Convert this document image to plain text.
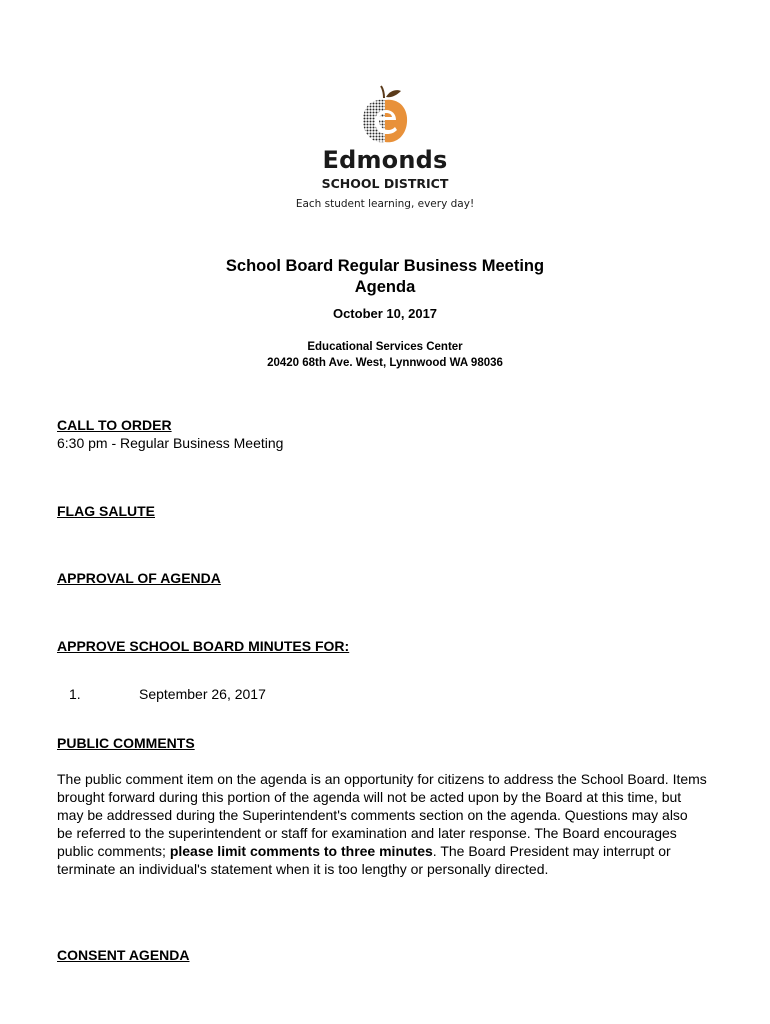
Edmonds
SCHOOL DISTRICT
Each student learning, every day!
School Board Regular Business Meeting
Agenda
October 10, 2017
Educational Services Center
20420 68th Ave. West, Lynnwood WA 98036
CALL TO ORDER
6:30 pm - Regular Business Meeting
FLAG SALUTE
APPROVAL OF AGENDA
APPROVE SCHOOL BOARD MINUTES FOR:
1.	September 26, 2017
PUBLIC COMMENTS

The public comment item on the agenda is an opportunity for citizens to address the School Board. Items brought forward during this portion of the agenda will not be acted upon by the Board at this time, but may be addressed during the Superintendent's comments section on the agenda. Questions may also be referred to the superintendent or staff for examination and later response. The Board encourages public comments; please limit comments to three minutes. The Board President may interrupt or terminate an individual's statement when it is too lengthy or personally directed.

CONSENT AGENDA
